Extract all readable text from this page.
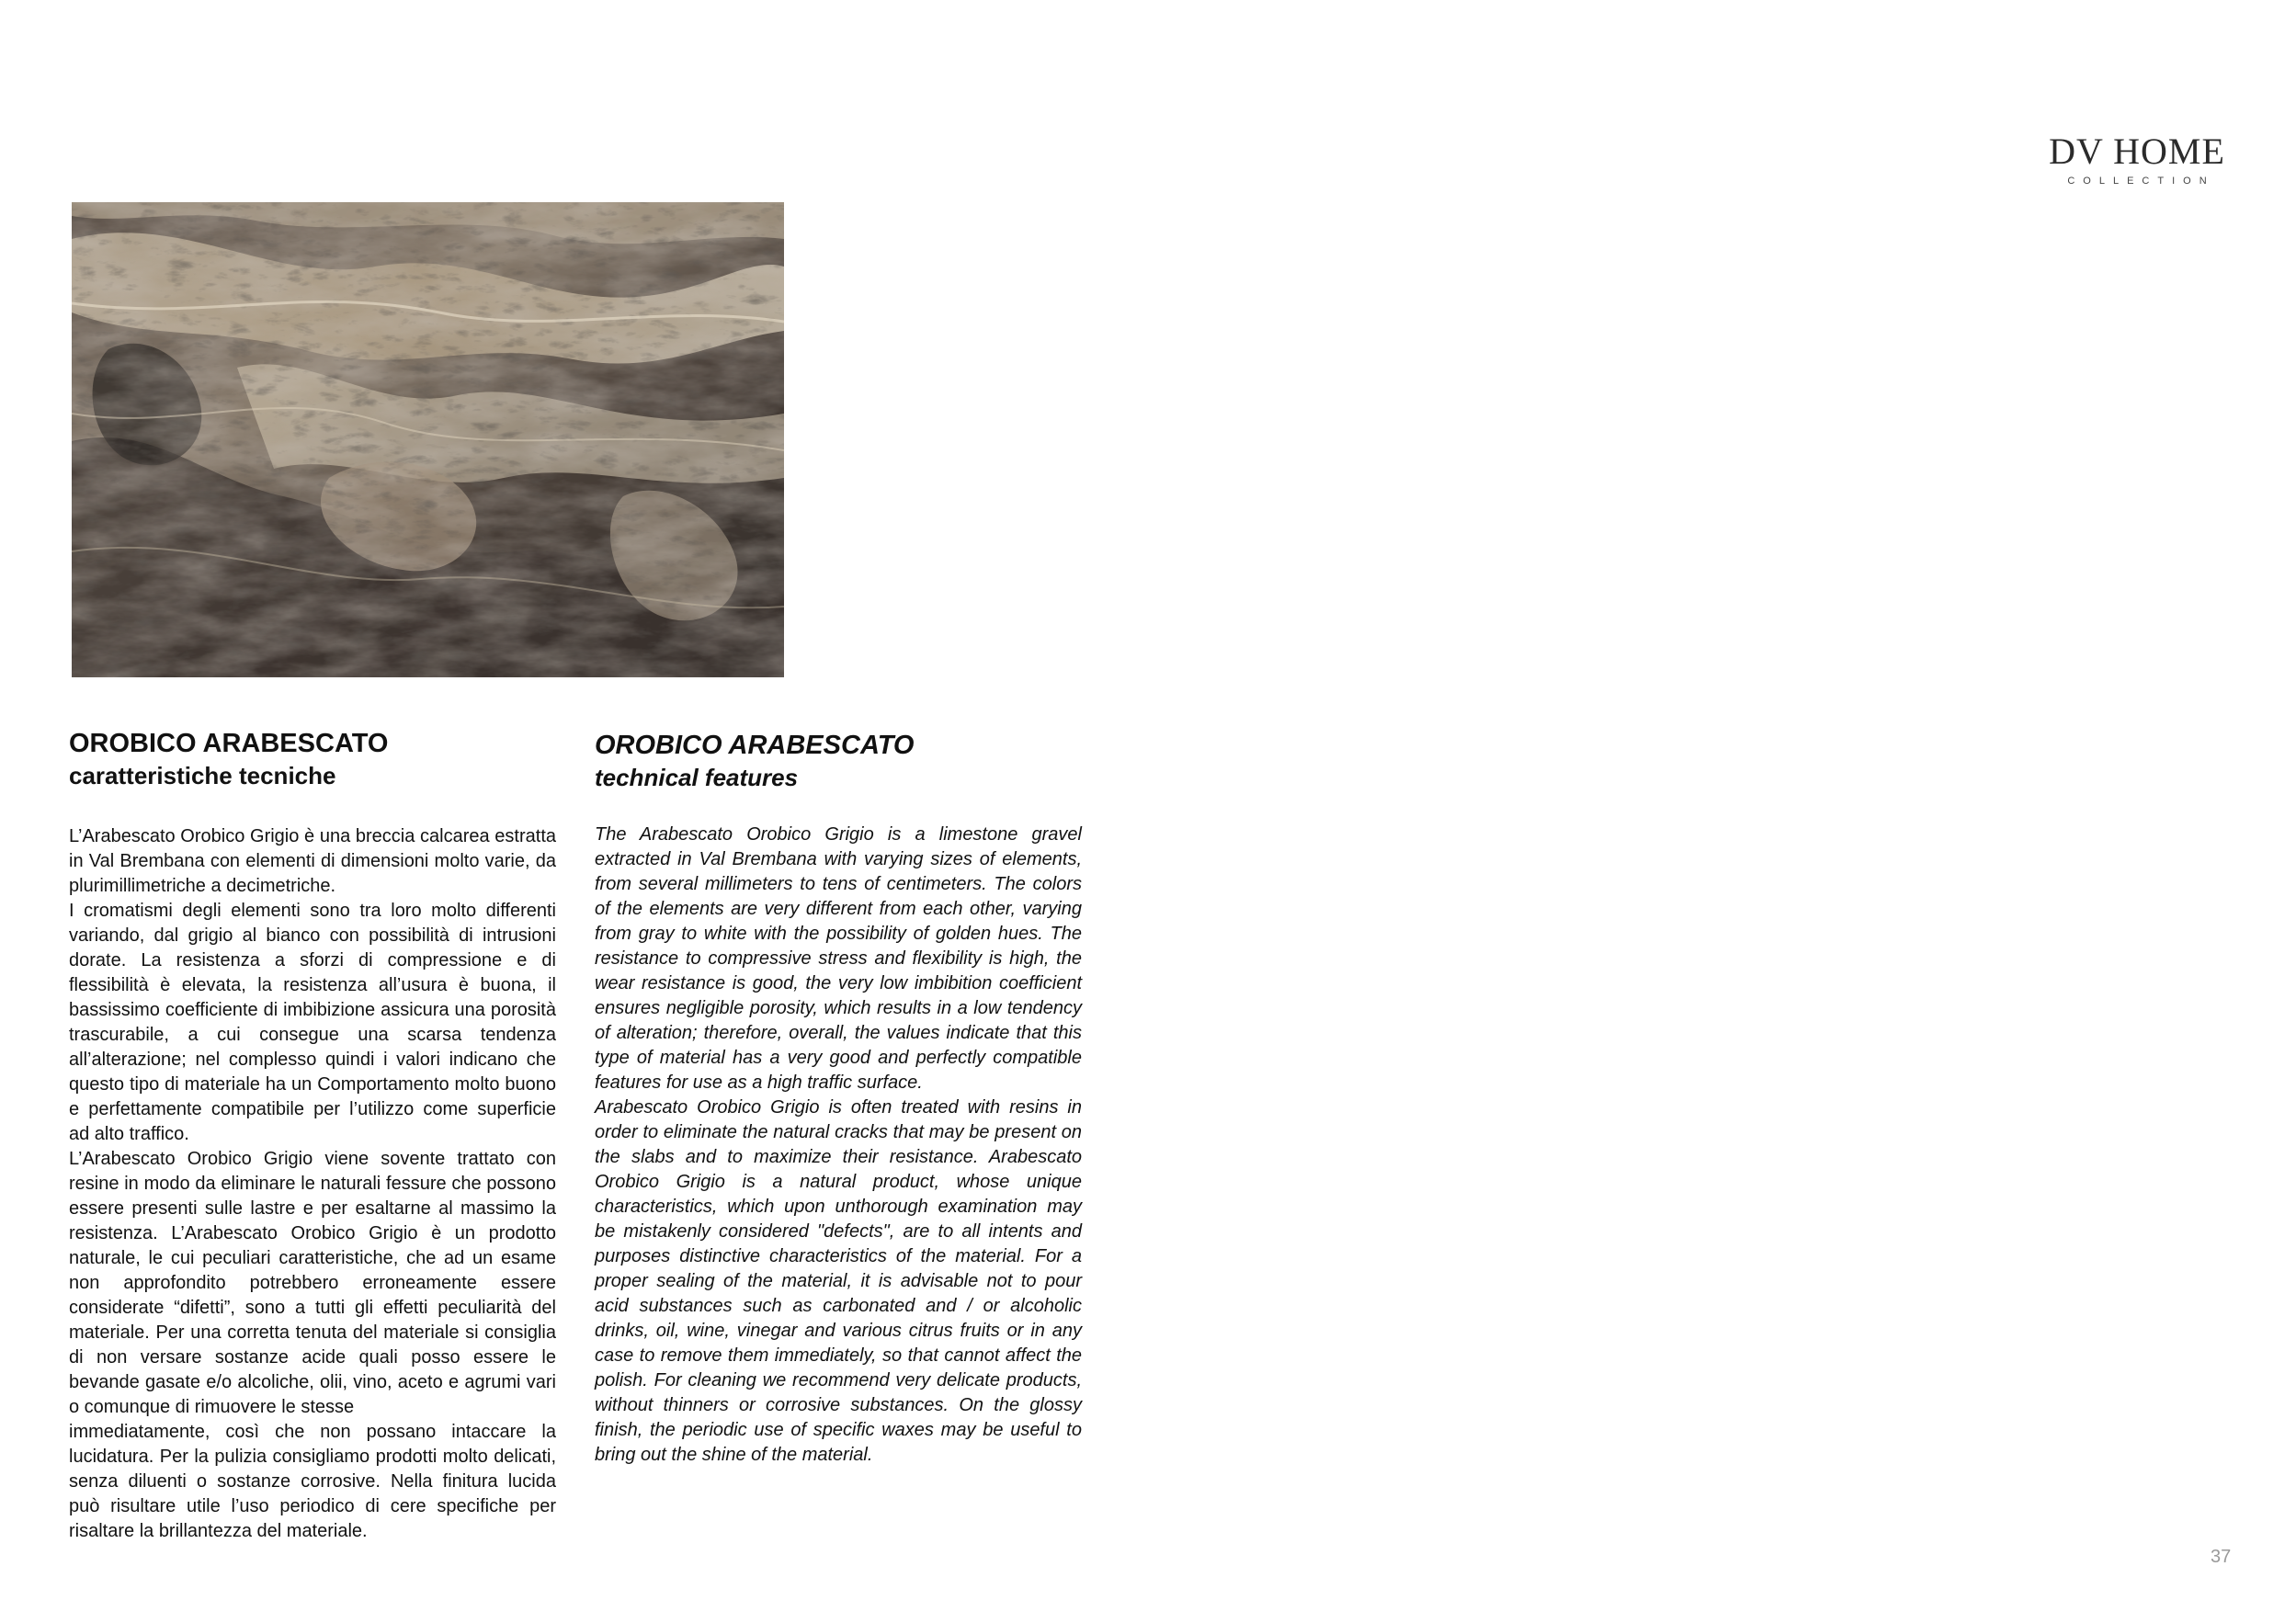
DV HOME
COLLECTION
OROBICO ARABESCATO
caratteristiche tecniche

L’Arabescato Orobico Grigio è una breccia calcarea estratta in Val Brembana con elementi di dimensioni molto varie, da plurimillimetriche a decimetriche.

I cromatismi degli elementi sono tra loro molto differenti variando, dal grigio al bianco con possibilità di intrusioni dorate. La resistenza a sforzi di compressione e di flessibilità è elevata, la resistenza all’usura è buona, il bassissimo coefficiente di imbibizione assicura una porosità trascurabile, a cui consegue una scarsa tendenza all’alterazione; nel complesso quindi i valori indicano che questo tipo di materiale ha un Comportamento molto buono e perfettamente compatibile per l’utilizzo come superficie ad alto traffico.

L’Arabescato Orobico Grigio viene sovente trattato con resine in modo da eliminare le naturali fessure che possono essere presenti sulle lastre e per esaltarne al massimo la resistenza. L’Arabescato Orobico Grigio è un prodotto naturale, le cui peculiari caratteristiche, che ad un esame non approfondito potrebbero erroneamente essere considerate “difetti”, sono a tutti gli effetti peculiarità del materiale. Per una corretta tenuta del materiale si consiglia di non versare sostanze acide quali posso essere le bevande gasate e/o alcoliche, olii, vino, aceto e agrumi vari o comunque di rimuovere le stesse

immediatamente, così che non possano intaccare la lucidatura. Per la pulizia consigliamo prodotti molto delicati, senza diluenti o sostanze corrosive. Nella finitura lucida può risultare utile l’uso periodico di cere specifiche per risaltare la brillantezza del materiale.

OROBICO ARABESCATO
technical features

The Arabescato Orobico Grigio is a limestone gravel extracted in Val Brembana with varying sizes of elements, from several millimeters to tens of centimeters. The colors of the elements are very different from each other, varying from gray to white with the possibility of golden hues. The resistance to compressive stress and flexibility is high, the wear resistance is good, the very low imbibition coefficient ensures negligible porosity, which results in a low tendency of alteration; therefore, overall, the values indicate that this type of material has a very good and perfectly compatible features for use as a high traffic surface.

Arabescato Orobico Grigio is often treated with resins in order to eliminate the natural cracks that may be present on the slabs and to maximize their resistance. Arabescato Orobico Grigio is a natural product, whose unique characteristics, which upon unthorough examination may be mistakenly considered "defects", are to all intents and purposes distinctive characteristics of the material. For a proper sealing of the material, it is advisable not to pour acid substances such as carbonated and / or alcoholic drinks, oil, wine, vinegar and various citrus fruits or in any case to remove them immediately, so that cannot affect the polish. For cleaning we recommend very delicate products, without thinners or corrosive substances. On the glossy finish, the periodic use of specific waxes may be useful to bring out the shine of the material.

37
